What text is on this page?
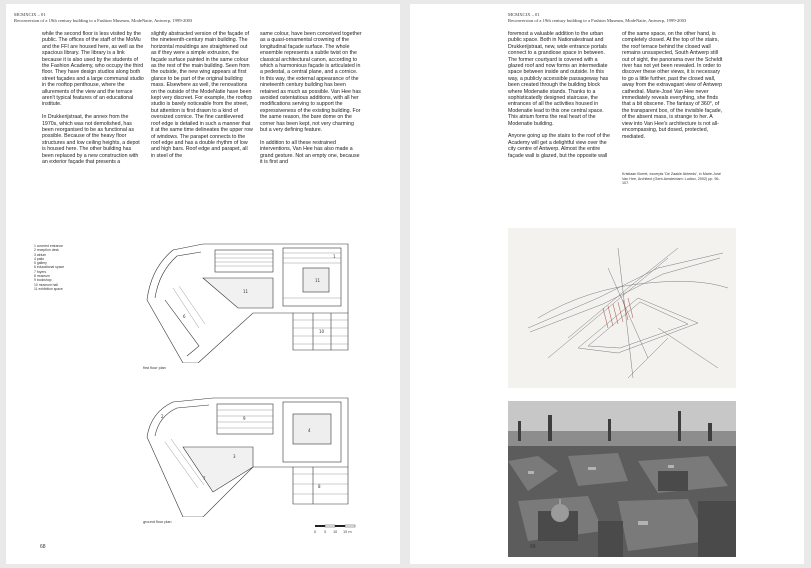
MCMXCIX – 01
Reconversion of a 19th century building to a Fashion Museum, ModeNatie, Antwerp, 1999-2003

while the second floor is less visited by the public. The offices of the staff of the MoMu and the FFI are housed here, as well as the spacious library. The library is a link because it is also used by the students of the Fashion Academy, who occupy the third floor. They have design studios along both street façades and a large communal studio in the rooftop penthouse, where the allurements of the view and the terrace aren't typical features of an educational institute.

In Drukkerijstraat, the annex from the 1970s, which was not demolished, has been reorganised to be as functional as possible. Because of the heavy floor structures and low ceiling heights, a depot is housed here. The other building has been replaced by a new construction with an exterior façade that presents a

slightly abstracted version of the façade of the nineteenth-century main building. The horizontal mouldings are straightened out as if they were a simple extrusion, the façade surface painted in the same colour as the rest of the main building. Seen from the outside, the new wing appears at first glance to be part of the original building mass. Elsewhere as well, the renovations on the outside of the ModeNatie have been kept very discreet. For example, the rooftop studio is barely noticeable from the street, but attention is first drawn to a kind of oversized cornice. The fine cantilevered roof edge is detailed in such a manner that it at the same time delineates the upper row of windows. The parapet connects to the roof edge and has a double rhythm of low and high bars. Roof edge and parapet, all in steel of the

same colour, have been conceived together as a quasi-ornamental crowning of the longitudinal façade surface. The whole ensemble represents a subtle twist on the classical architectural canon, according to which a harmonious façade is articulated in a pedestal, a central plane, and a cornice. In this way, the external appearance of the nineteenth century building has been retained as much as possible. Van Hee has avoided ostentatious additions, with all her modifications serving to support the expressiveness of the existing building. For the same reason, the bare dome on the corner has been kept, not very charming but a very defining feature.

In addition to all these restrained interventions, Van Hee has also made a grand gesture. Not an empty one, because it is first and

1 covered entrance
2 reception desk
3 atrium
4 patio
5 gallery
6 educational space
7 foyers
8 museum
9 bookshop
10 museum hall
11 exhibition space
11
11
10
6
1
first floor plan
2
3
4
8
9
7
ground floor plan
0 5 10 15 m
68
MCMXCIX – 01
Reconversion of a 19th century building to a Fashion Museum, ModeNatie, Antwerp, 1999-2003

foremost a valuable addition to the urban public space. Both in Nationalestraat and Drukkerijstraat, new, wide entrance portals connect to a grandiose space in between. The former courtyard is covered with a glazed roof and now forms an intermediate space between inside and outside. In this way, a publicly accessible passageway has been created through the building block where Modenatie stands. Thanks to a sophisticatedly designed staircase, the entrances of all the activities housed in Modenatie lead to this one central space. This atrium forms the real heart of the Modenatie building.

Anyone going up the stairs to the roof of the Academy will get a delightful view over the city centre of Antwerp. Almost the entire façade wall is glazed, but the opposite wall

of the same space, on the other hand, is completely closed. At the top of the stairs, the roof terrace behind the closed wall remains unsuspected, South Antwerp still out of sight, the panorama over the Scheldt river has not yet been revealed. In order to discover these other views, it is necessary to go a little further, past the closed wall, away from the extravagant view of Antwerp cathedral. Marie-José Van Hee never immediately reveals everything, she finds that a bit obscene. The fantasy of 360°, of the transparent box, of the invisible façade, of the absent mass, is strange to her. A view into Van Hee's architecture is not all-encompassing, but dosed, protected, mediated.

Kristiaan Borret, excerpts 'De Zaakie Ableeds', in Marie-José Van Hee, Architect (Gent-Amsterdam: Ludion, 2002) pp. 96-107.
69
